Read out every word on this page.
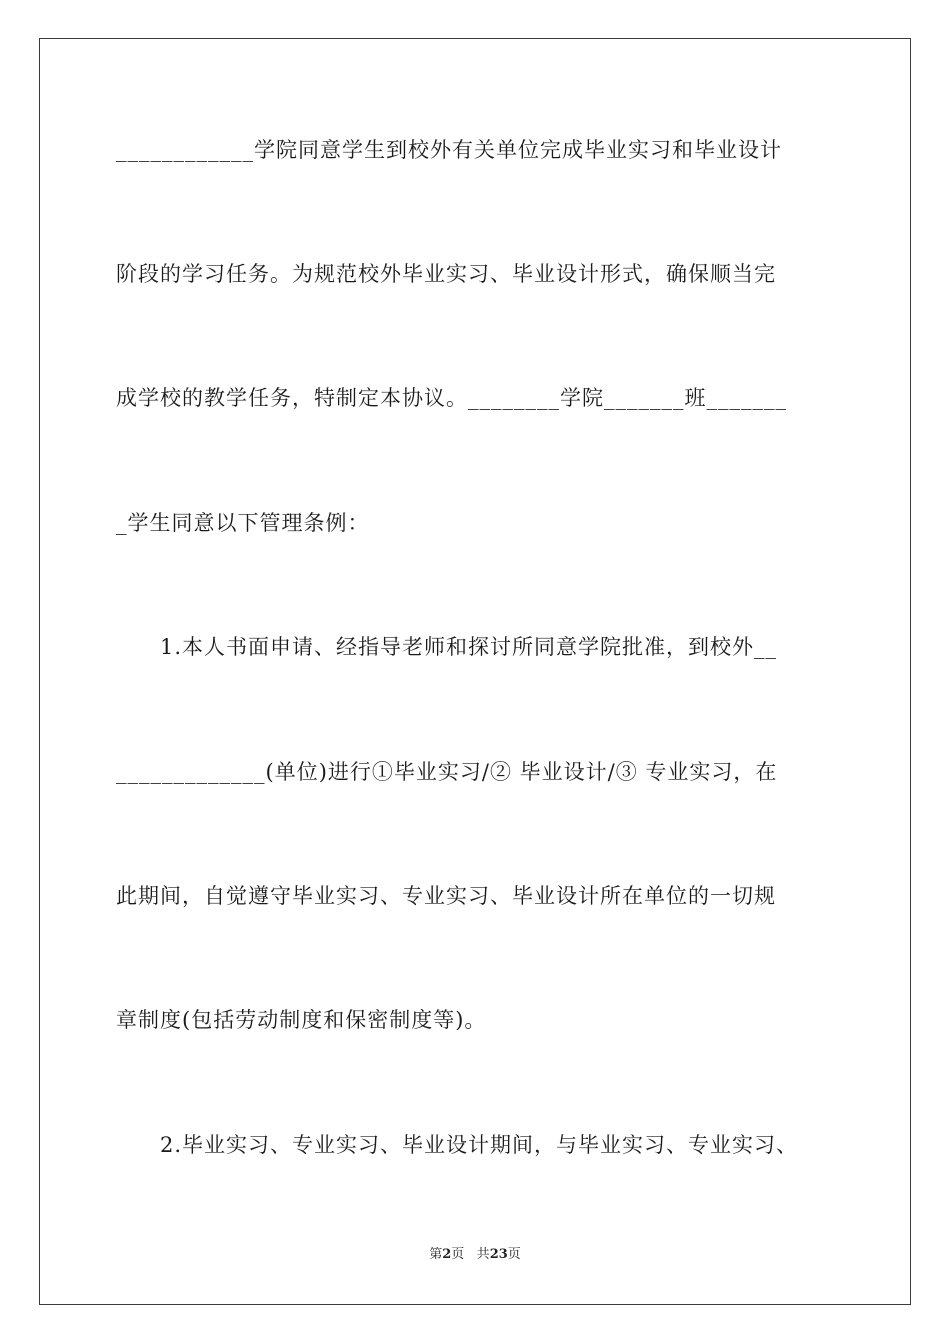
____________学院同意学生到校外有关单位完成毕业实习和毕业设计
阶段的学习任务。为规范校外毕业实习、毕业设计形式，确保顺当完
成学校的教学任务，特制定本协议。________学院_______班_______
_学生同意以下管理条例：
1.本人书面申请、经指导老师和探讨所同意学院批准，到校外__
_____________(单位)进行①毕业实习/② 毕业设计/③ 专业实习，在
此期间，自觉遵守毕业实习、专业实习、毕业设计所在单位的一切规
章制度(包括劳动制度和保密制度等)。
2.毕业实习、专业实习、毕业设计期间，与毕业实习、专业实习、
第2页 共23页
